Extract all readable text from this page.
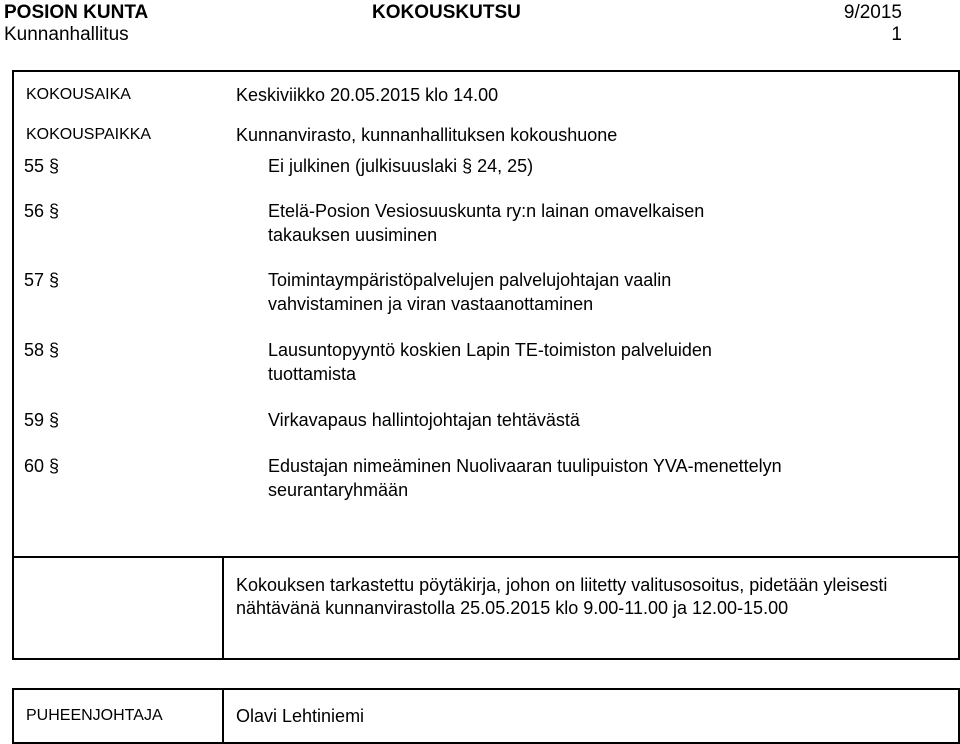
POSION KUNTA	KOKOUSKUTSU	9/2015
Kunnanhallitus	1
KOKOUSAIKA	Keskiviikko 20.05.2015 klo 14.00
KOKOUSPAIKKA	Kunnanvirasto, kunnanhallituksen kokoushuone
55 §	Ei julkinen (julkisuuslaki § 24, 25)
56 §	Etelä-Posion Vesiosuuskunta ry:n lainan omavelkaisen takauksen uusiminen
57 §	Toimintaympäristöpalvelujen palvelujohtajan vaalin vahvistaminen ja viran vastaanottaminen
58 §	Lausuntopyyntö koskien Lapin TE-toimiston palveluiden tuottamista
59 §	Virkavapaus hallintojohtajan tehtävästä
60 §	Edustajan nimeäminen Nuolivaaran tuulipuiston YVA-menettelyn seurantaryhmään
Kokouksen tarkastettu pöytäkirja, johon on liitetty valitusosoitus, pidetään yleisesti nähtävänä kunnanvirastolla 25.05.2015 klo 9.00-11.00 ja 12.00-15.00
PUHEENJOHTAJA	Olavi Lehtiniemi
